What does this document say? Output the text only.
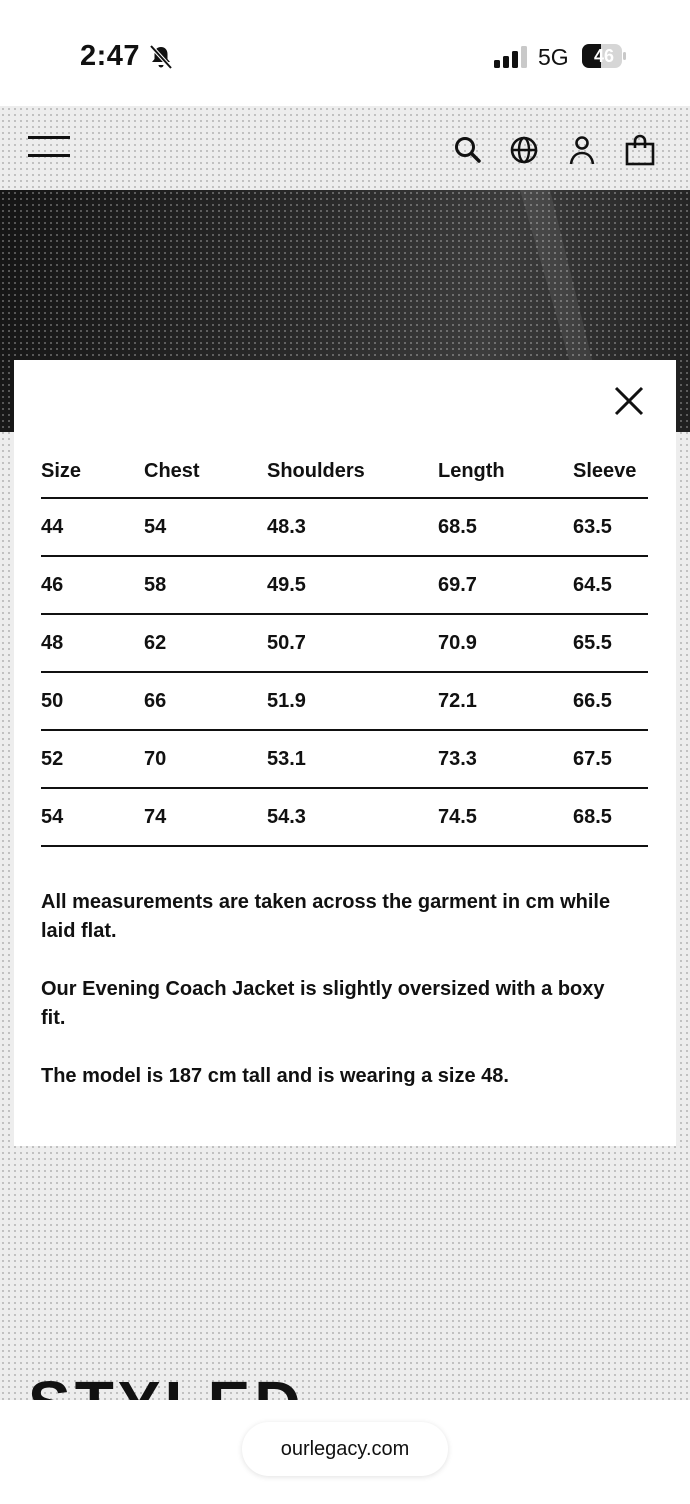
2:47	5G	46
Size	Chest	Shoulders	Length	Sleeve
44	54	48.3	68.5	63.5
46	58	49.5	69.7	64.5
48	62	50.7	70.9	65.5
50	66	51.9	72.1	66.5
52	70	53.1	73.3	67.5
54	74	54.3	74.5	68.5

All measurements are taken across the garment in cm while laid flat.

Our Evening Coach Jacket is slightly oversized with a boxy fit.

The model is 187 cm tall and is wearing a size 48.

ourlegacy.com
